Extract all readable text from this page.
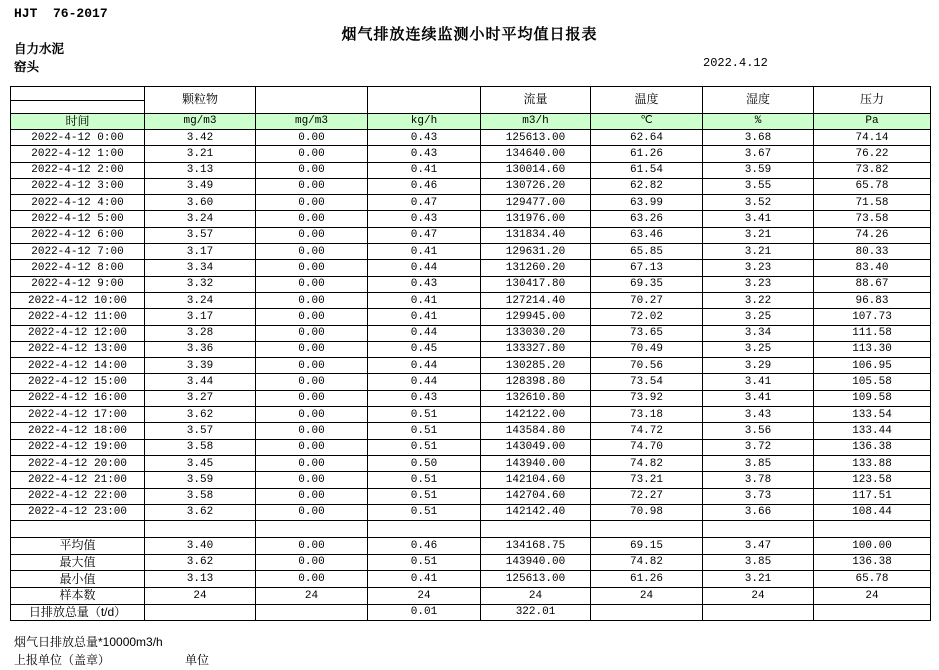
HJT  76-2017
烟气排放连续监测小时平均值日报表
自力水泥
窑头	2022.4.12
	颗粒物			流量	温度	湿度	压力

时间	mg/m3	mg/m3	kg/h	m3/h	℃	%	Pa
2022-4-12 0:00	3.42	0.00	0.43	125613.00	62.64	3.68	74.14
2022-4-12 1:00	3.21	0.00	0.43	134640.00	61.26	3.67	76.22
2022-4-12 2:00	3.13	0.00	0.41	130014.60	61.54	3.59	73.82
2022-4-12 3:00	3.49	0.00	0.46	130726.20	62.82	3.55	65.78
2022-4-12 4:00	3.60	0.00	0.47	129477.00	63.99	3.52	71.58
2022-4-12 5:00	3.24	0.00	0.43	131976.00	63.26	3.41	73.58
2022-4-12 6:00	3.57	0.00	0.47	131834.40	63.46	3.21	74.26
2022-4-12 7:00	3.17	0.00	0.41	129631.20	65.85	3.21	80.33
2022-4-12 8:00	3.34	0.00	0.44	131260.20	67.13	3.23	83.40
2022-4-12 9:00	3.32	0.00	0.43	130417.80	69.35	3.23	88.67
2022-4-12 10:00	3.24	0.00	0.41	127214.40	70.27	3.22	96.83
2022-4-12 11:00	3.17	0.00	0.41	129945.00	72.02	3.25	107.73
2022-4-12 12:00	3.28	0.00	0.44	133030.20	73.65	3.34	111.58
2022-4-12 13:00	3.36	0.00	0.45	133327.80	70.49	3.25	113.30
2022-4-12 14:00	3.39	0.00	0.44	130285.20	70.56	3.29	106.95
2022-4-12 15:00	3.44	0.00	0.44	128398.80	73.54	3.41	105.58
2022-4-12 16:00	3.27	0.00	0.43	132610.80	73.92	3.41	109.58
2022-4-12 17:00	3.62	0.00	0.51	142122.00	73.18	3.43	133.54
2022-4-12 18:00	3.57	0.00	0.51	143584.80	74.72	3.56	133.44
2022-4-12 19:00	3.58	0.00	0.51	143049.00	74.70	3.72	136.38
2022-4-12 20:00	3.45	0.00	0.50	143940.00	74.82	3.85	133.88
2022-4-12 21:00	3.59	0.00	0.51	142104.60	73.21	3.78	123.58
2022-4-12 22:00	3.58	0.00	0.51	142704.60	72.27	3.73	117.51
2022-4-12 23:00	3.62	0.00	0.51	142142.40	70.98	3.66	108.44

平均值	3.40	0.00	0.46	134168.75	69.15	3.47	100.00
最大值	3.62	0.00	0.51	143940.00	74.82	3.85	136.38
最小值	3.13	0.00	0.41	125613.00	61.26	3.21	65.78
样本数	24	24	24	24	24	24	24
日排放总量（t/d）			0.01	322.01			
烟气日排放总量*10000m3/h
上报单位（盖章）	单位
